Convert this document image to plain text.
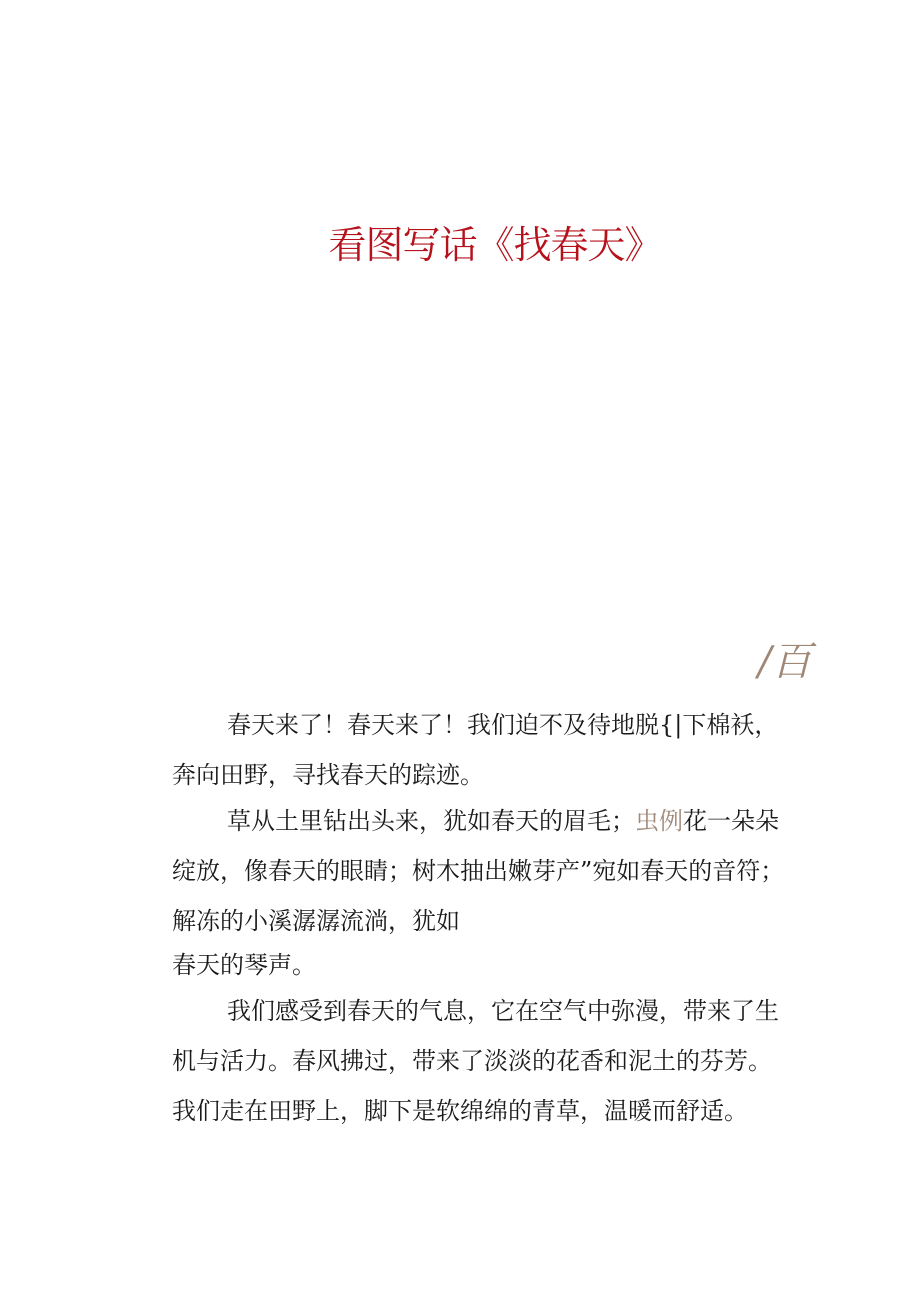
看图写话《找春天》
/百
春天来了！春天来了！我们迫不及待地脱{|下棉袄，
奔向田野，寻找春天的踪迹。
草从土里钻出头来，犹如春天的眉毛；虫例花一朵朵
绽放，像春天的眼睛；树木抽出嫩芽产”宛如春天的音符；
解冻的小溪潺潺流淌，犹如
春天的琴声。
我们感受到春天的气息，它在空气中弥漫，带来了生
机与活力。春风拂过，带来了淡淡的花香和泥土的芬芳。
我们走在田野上，脚下是软绵绵的青草，温暖而舒适。
